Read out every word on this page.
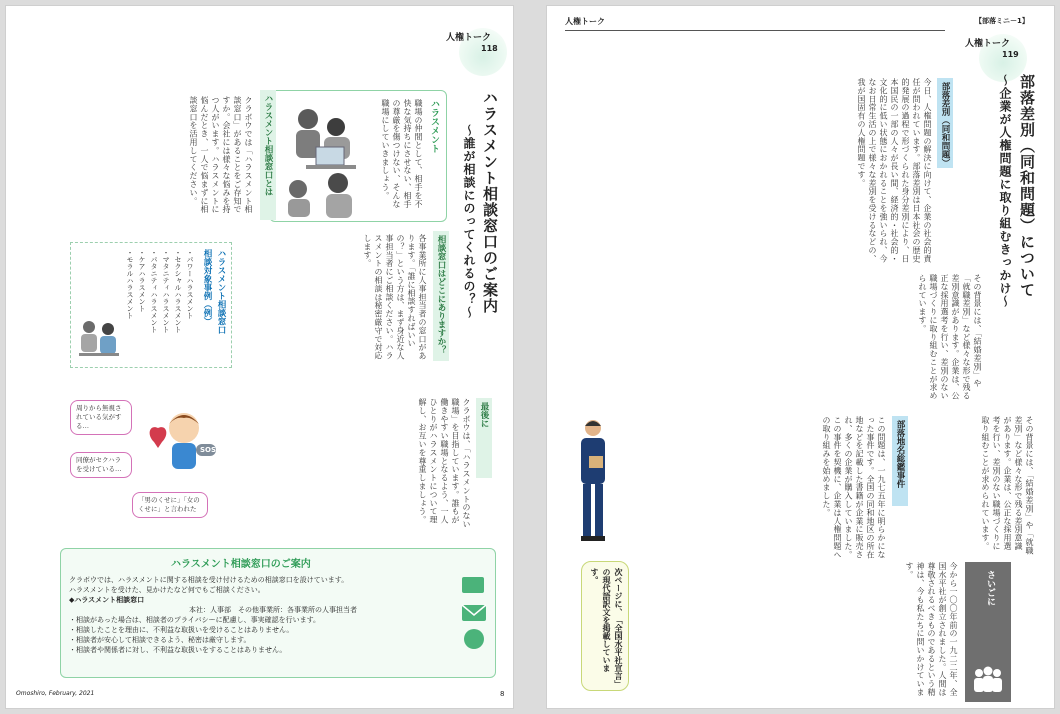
人権トーク
118
ハラスメント相談窓口のご案内
～誰が相談にのってくれるの？～
ハラスメント
職場の仲間として、相手を不快な気持ちにさせない、相手の尊厳を傷つけない、そんな職場にしていきましょう。
ハラスメント相談窓口とは
クラボウでは「ハラスメント相談窓口」があることをご存知ですか。会社には様々な悩みを持つ人がいます。ハラスメントに悩んだとき、一人で悩まずに相談窓口を活用してください。
相談窓口はどこにありますか？
各事業所に人事担当者の窓口があります。「誰に相談すればいいの？」という方は、まず身近な人事担当者にご相談ください。ハラスメントの相談は秘密厳守で対応します。
ハラスメント相談窓口
相談対象事例（例）
・パワーハラスメント
・セクシャルハラスメント
・マタニティハラスメント
・パタニティハラスメント
・ケアハラスメント
・モラルハラスメント
最後に
クラボウは、「ハラスメントのない職場」を目指しています。誰もが働きやすい職場となるよう、一人ひとりがハラスメントについて理解し、お互いを尊重しましょう。
周りから無視されている気がする…
同僚がセクハラを受けている…
「男のくせに」「女のくせに」と言われた
SOS
ハラスメント相談窓口のご案内
クラボウでは、ハラスメントに関する相談を受け付けるための相談窓口を設けています。
ハラスメントを受けた、見かけたなど何でもご相談ください。
◆ハラスメント相談窓口
本社：人事部　その他事業所：各事業所の人事担当者
・相談があった場合は、相談者のプライバシーに配慮し、事実確認を行います。
・相談したことを理由に、不利益な取扱いを受けることはありません。
・相談者が安心して相談できるよう、秘密は厳守します。
・相談者や関係者に対し、不利益な取扱いをすることはありません。
Omoshiro, February, 2021	8
人権トーク	【部落ミニ－1】
人権トーク
119
部落差別（同和問題）について
～企業が人権問題に取り組むきっかけ～
部落差別（同和問題）
今日、人権問題の解決に向けて、企業の社会的責任が問われています。部落差別は日本社会の歴史的発展の過程で形づくられた身分差別により、日本国民の一部の人々が長い間、経済的・社会的・文化的に低い状態におかれることを強いられ、今なお日常生活の上で様々な差別を受けるなどの、我が国固有の人権問題です。
その背景には、「結婚差別」や「就職差別」など様々な形で残る差別意識があります。企業は、公正な採用選考を行い、差別のない職場づくりに取り組むことが求められています。
部落地名総鑑事件
この問題は、一九七五年に明らかになった事件です。全国の同和地区の所在地などを記載した書籍が企業に販売され、多くの企業が購入していました。この事件を契機に、企業は人権問題への取り組みを始めました。	その背景には、「結婚差別」や「就職差別」など様々な形で残る差別意識があります。企業は、公正な採用選考を行い、差別のない職場づくりに取り組むことが求められています。
次ページに、「全国水平社宣言」の現代語訳文を掲載しています。	さいごに
今から一〇〇年前の一九二二年、全国水平社が創立されました。人間は尊敬されるべきものであるという精神は、今も私たちに問いかけています。
